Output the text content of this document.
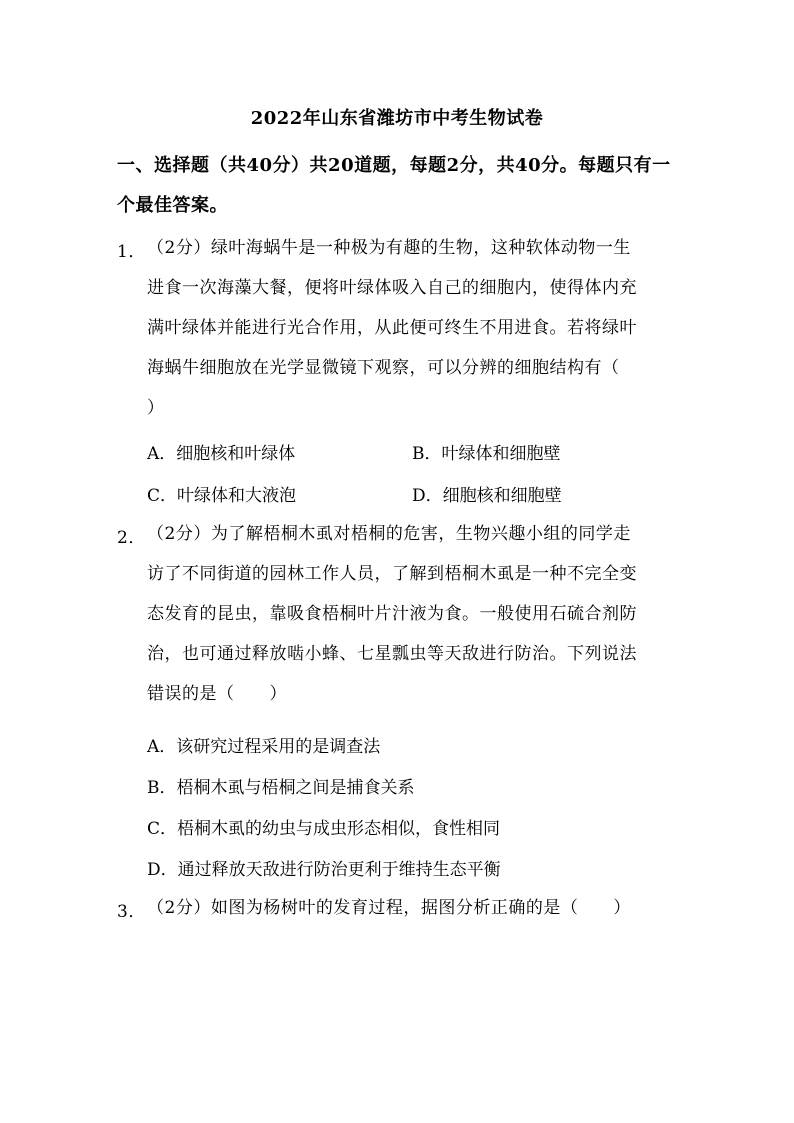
2022年山东省潍坊市中考生物试卷
一、选择题（共40分）共20道题，每题2分，共40分。每题只有一个最佳答案。
1． （2分）绿叶海蜗牛是一种极为有趣的生物，这种软体动物一生
进食一次海藻大餐，便将叶绿体吸入自己的细胞内，使得体内充
满叶绿体并能进行光合作用，从此便可终生不用进食。若将绿叶
海蜗牛细胞放在光学显微镜下观察，可以分辨的细胞结构有（
）
A．细胞核和叶绿体	B．叶绿体和细胞壁
C．叶绿体和大液泡	D．细胞核和细胞壁
2． （2分）为了解梧桐木虱对梧桐的危害，生物兴趣小组的同学走
访了不同街道的园林工作人员，了解到梧桐木虱是一种不完全变
态发育的昆虫，靠吸食梧桐叶片汁液为食。一般使用石硫合剂防
治，也可通过释放啮小蜂、七星瓢虫等天敌进行防治。下列说法
错误的是（　　）
A．该研究过程采用的是调查法
B．梧桐木虱与梧桐之间是捕食关系
C．梧桐木虱的幼虫与成虫形态相似，食性相同
D．通过释放天敌进行防治更利于维持生态平衡
3． （2分）如图为杨树叶的发育过程，据图分析正确的是（　　）
